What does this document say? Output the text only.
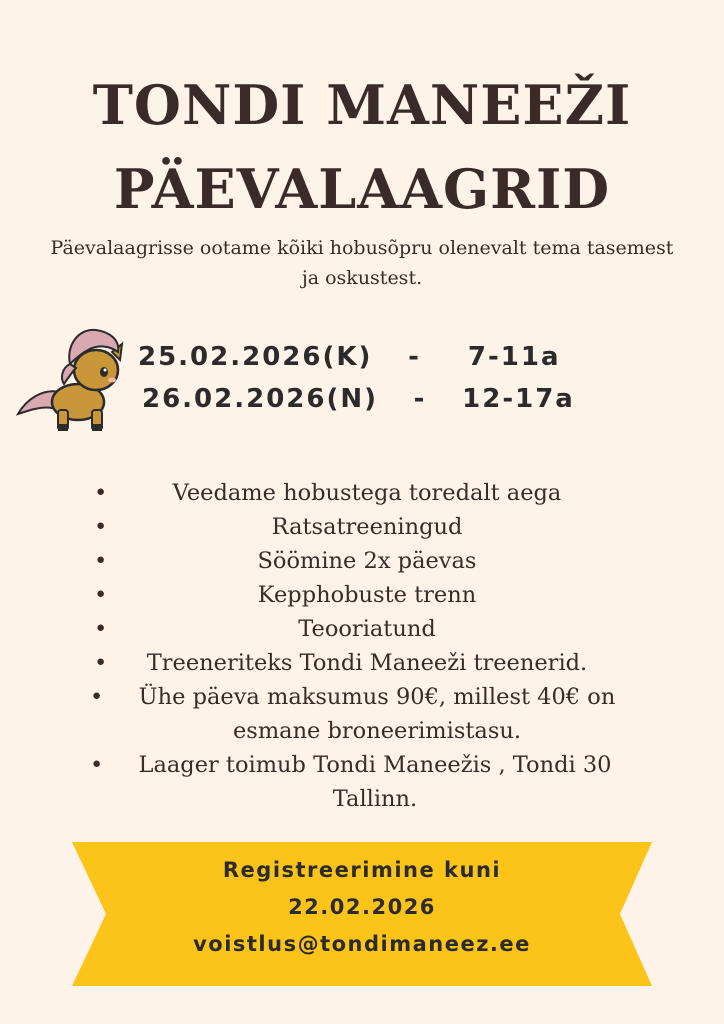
TONDI MANEEŽI
PÄEVALAAGRID
Päevalaagrisse ootame kõiki hobusõpru olenevalt tema tasemest ja oskustest.
25.02.2026(K) - 7-11a
26.02.2026(N) - 12-17a
•	Veedame hobustega toredalt aega
•	Ratsatreeningud
•	Söömine 2x päevas
•	Kepphobuste trenn
•	Teooriatund
• Treeneriteks Tondi Maneeži treenerid.
• Ühe päeva maksumus 90€, millest 40€ on esmane broneerimistasu.
• Laager toimub Tondi Maneežis , Tondi 30 Tallinn.
Registreerimine kuni
22.02.2026
voistlus@tondimaneez.ee
